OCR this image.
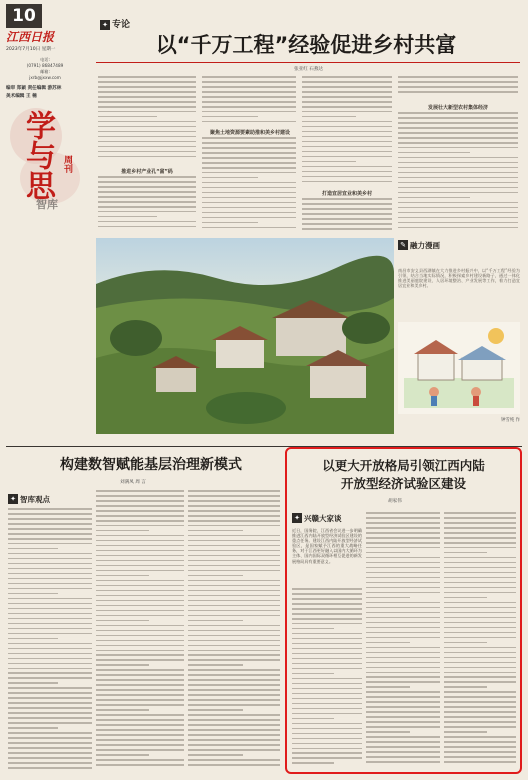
10
江西日报
2023年7月10日 星期一
电话:
(0791) 86847489
邮箱:
jxrb@jxxw.com
编审 郑颖 责任编辑 游苏林
美术编辑 王 楠
学与思 周刊
智库
✦ 专论
以“千万工程”经验促进乡村共富
张亚红 石燕达
推进乡村产业孔“富”码
聚焦土地资源要素助推和美乡村建设
打造宜居宜业和美乡村
发展壮大新型农村集体经济
✎ 融力漫画
南昌市安义县西湖镇在大力推进乡村振兴中，以“千万工程”经验为引领，结合当地实际情况，积极探索乡村建设新路子，通过一体化推进美丽庭院建设、人居环境整治、产业发展等工作，着力打造宜居宜业和美乡村。
钟雪纯 作
构建数智赋能基层治理新模式
刘满凤 周 言
✦ 智库观点
以更大开放格局引领江西内陆
开放型经济试验区建设
胡家伟
✦ 兴赣大家谈
近日，国务院、江西省会议进一步明确推进江西内陆开放型经济试验区建设的重点任务。建设江西内陆开放型经济试验区，是国家赋予江西的重大战略任务，对于江西更好融入以国内大循环为主体、国内国际双循环相互促进的新发展格局具有重要意义。
